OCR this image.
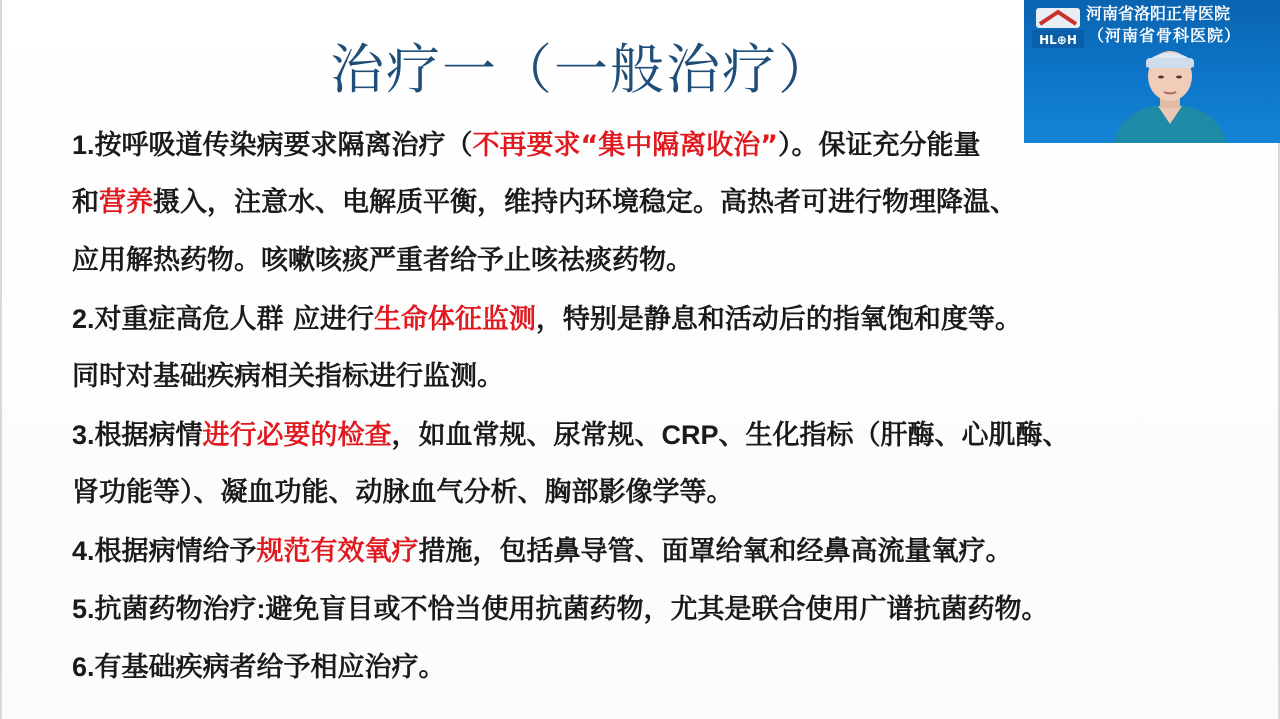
治疗一（一般治疗）
1.按呼吸道传染病要求隔离治疗（不再要求“集中隔离收治”）。保证充分能量
和营养摄入，注意水、电解质平衡，维持内环境稳定。高热者可进行物理降温、
应用解热药物。咳嗽咳痰严重者给予止咳祛痰药物。
2.对重症高危人群 应进行生命体征监测，特别是静息和活动后的指氧饱和度等。
同时对基础疾病相关指标进行监测。
3.根据病情进行必要的检查，如血常规、尿常规、CRP、生化指标（肝酶、心肌酶、
肾功能等）、凝血功能、动脉血气分析、胸部影像学等。
4.根据病情给予规范有效氧疗措施，包括鼻导管、面罩给氧和经鼻高流量氧疗。
5.抗菌药物治疗:避免盲目或不恰当使用抗菌药物，尤其是联合使用广谱抗菌药物。
6.有基础疾病者给予相应治疗。
HL⊕H
河南省洛阳正骨医院
（河南省骨科医院）
